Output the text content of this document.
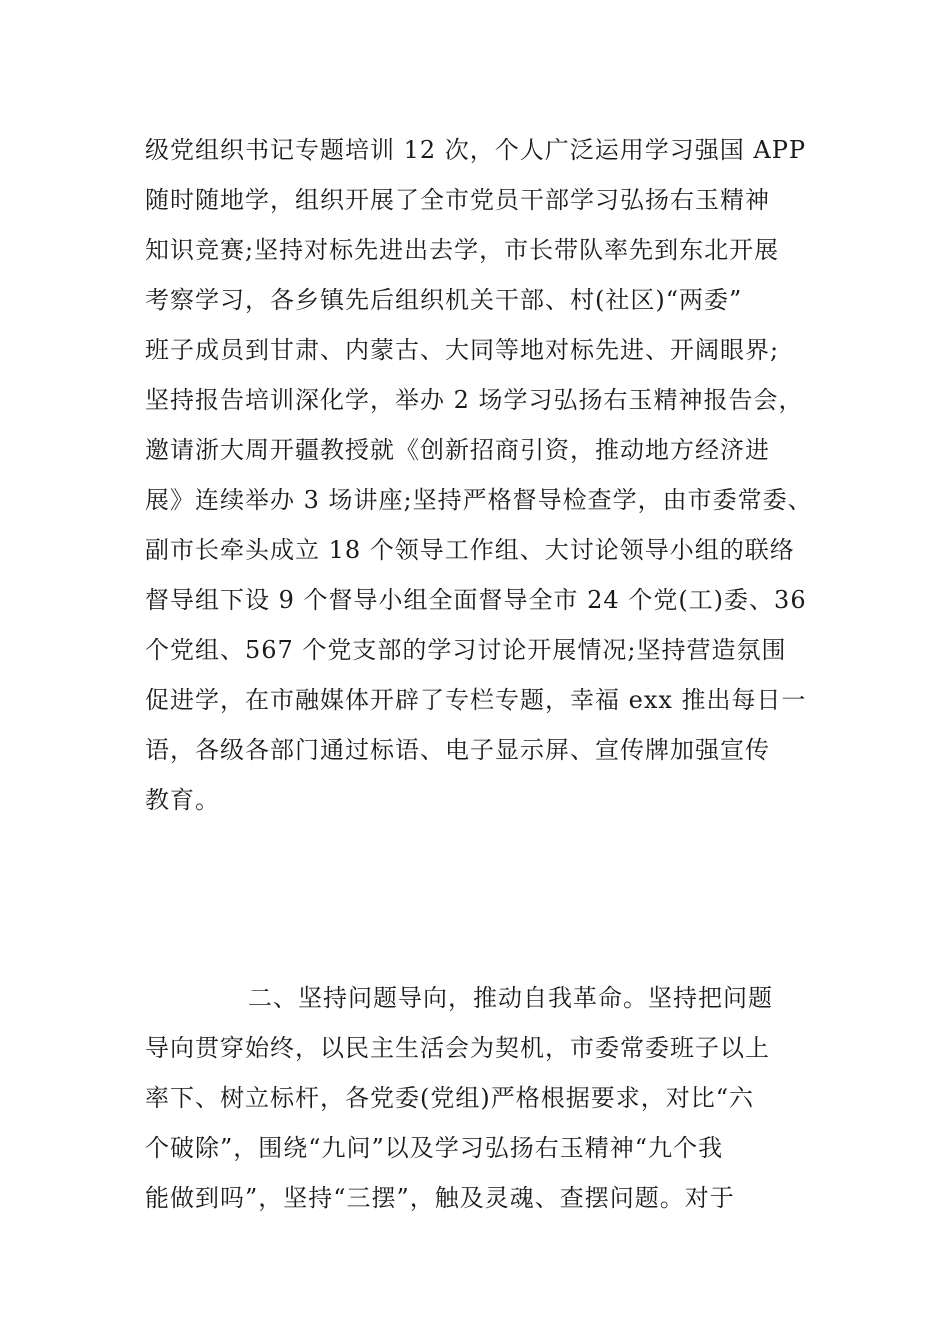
级党组织书记专题培训 12 次，个人广泛运用学习强国 APP
随时随地学，组织开展了全市党员干部学习弘扬右玉精神
知识竞赛;坚持对标先进出去学，市长带队率先到东北开展
考察学习，各乡镇先后组织机关干部、村(社区)“两委”
班子成员到甘肃、内蒙古、大同等地对标先进、开阔眼界;
坚持报告培训深化学，举办 2 场学习弘扬右玉精神报告会，
邀请浙大周开疆教授就《创新招商引资，推动地方经济进
展》连续举办 3 场讲座;坚持严格督导检查学，由市委常委、
副市长牵头成立 18 个领导工作组、大讨论领导小组的联络
督导组下设 9 个督导小组全面督导全市 24 个党(工)委、36
个党组、567 个党支部的学习讨论开展情况;坚持营造氛围
促进学，在市融媒体开辟了专栏专题，幸福 exx 推出每日一
语，各级各部门通过标语、电子显示屏、宣传牌加强宣传
教育。
二、坚持问题导向，推动自我革命。坚持把问题
导向贯穿始终，以民主生活会为契机，市委常委班子以上
率下、树立标杆，各党委(党组)严格根据要求，对比“六
个破除”，围绕“九问”以及学习弘扬右玉精神“九个我
能做到吗”，坚持“三摆”，触及灵魂、查摆问题。对于
